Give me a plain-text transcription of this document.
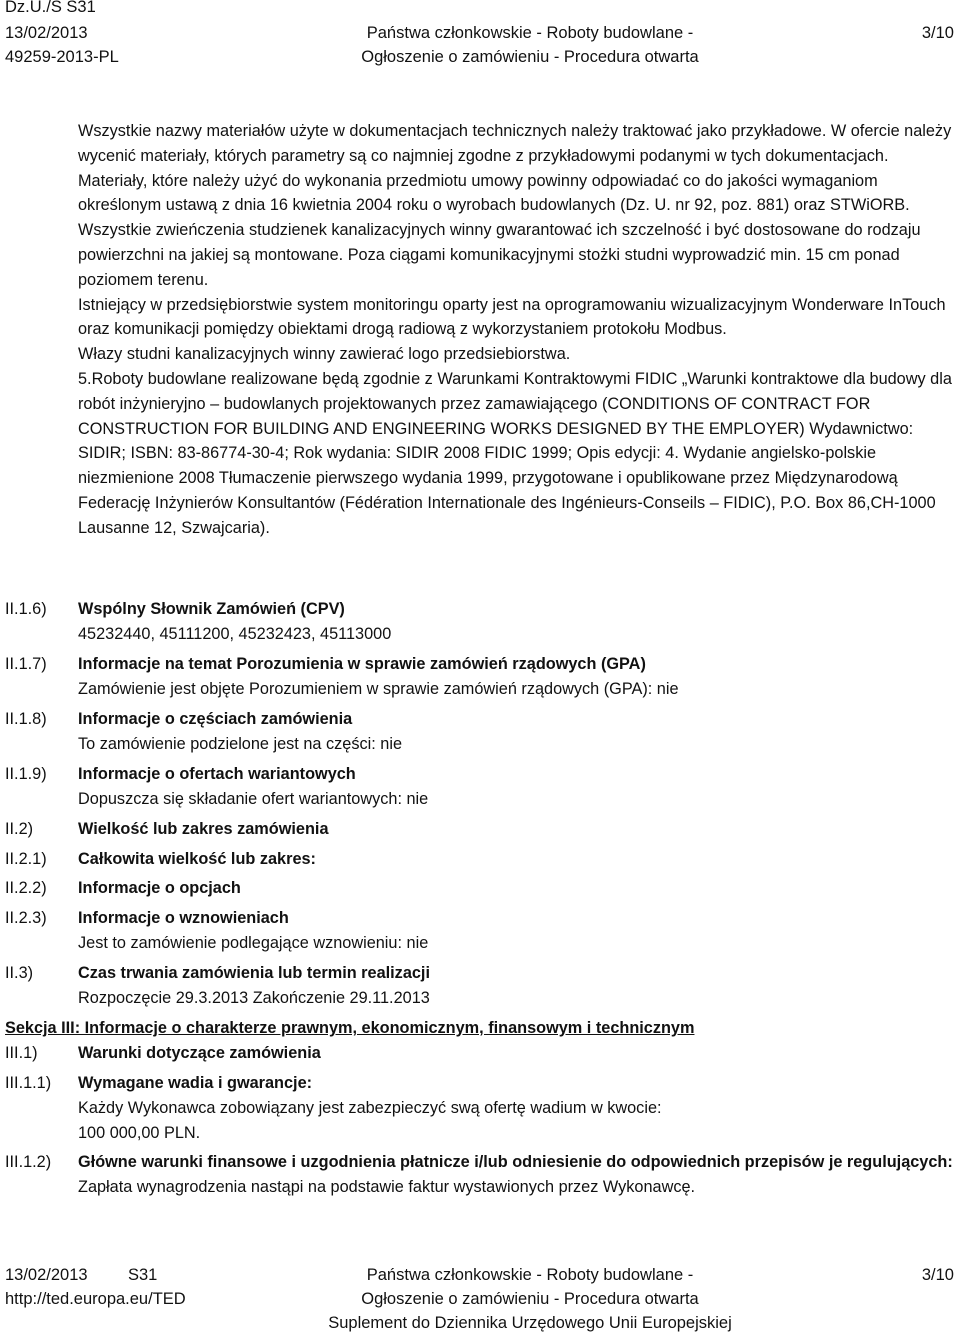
Dz.U./S S31
13/02/2013
49259-2013-PL
Państwa członkowskie - Roboty budowlane -
Ogłoszenie o zamówieniu - Procedura otwarta
3/10

Wszystkie nazwy materiałów użyte w dokumentacjach technicznych należy traktować jako przykładowe. W ofercie należy wycenić materiały, których parametry są co najmniej zgodne z przykładowymi podanymi w tych dokumentacjach.

Materiały, które należy użyć do wykonania przedmiotu umowy powinny odpowiadać co do jakości wymaganiom określonym ustawą z dnia 16 kwietnia 2004 roku o wyrobach budowlanych (Dz. U. nr 92, poz. 881) oraz STWiORB.

Wszystkie zwieńczenia studzienek kanalizacyjnych winny gwarantować ich szczelność i być dostosowane do rodzaju powierzchni na jakiej są montowane. Poza ciągami komunikacyjnymi stożki studni wyprowadzić min. 15 cm ponad poziomem terenu.

Istniejący w przedsiębiorstwie system monitoringu oparty jest na oprogramowaniu wizualizacyjnym Wonderware InTouch oraz komunikacji pomiędzy obiektami drogą radiową z wykorzystaniem protokołu Modbus.

Włazy studni kanalizacyjnych winny zawierać logo przedsiebiorstwa.

5.Roboty budowlane realizowane będą zgodnie z Warunkami Kontraktowymi FIDIC „Warunki kontraktowe dla budowy dla robót inżynieryjno – budowlanych projektowanych przez zamawiającego (CONDITIONS OF CONTRACT FOR CONSTRUCTION FOR BUILDING AND ENGINEERING WORKS DESIGNED BY THE EMPLOYER) Wydawnictwo: SIDIR; ISBN: 83-86774-30-4; Rok wydania: SIDIR 2008 FIDIC 1999; Opis edycji: 4. Wydanie angielsko-polskie niezmienione 2008 Tłumaczenie pierwszego wydania 1999, przygotowane i opublikowane przez Międzynarodową Federację Inżynierów Konsultantów (Fédération Internationale des Ingénieurs-Conseils – FIDIC), P.O. Box 86,CH-1000 Lausanne 12, Szwajcaria).

II.1.6)	Wspólny Słownik Zamówień (CPV)
45232440, 45111200, 45232423, 45113000
II.1.7)	Informacje na temat Porozumienia w sprawie zamówień rządowych (GPA)
Zamówienie jest objęte Porozumieniem w sprawie zamówień rządowych (GPA): nie
II.1.8)	Informacje o częściach zamówienia
To zamówienie podzielone jest na części: nie
II.1.9)	Informacje o ofertach wariantowych
Dopuszcza się składanie ofert wariantowych: nie
II.2)	Wielkość lub zakres zamówienia
II.2.1)	Całkowita wielkość lub zakres:
II.2.2)	Informacje o opcjach
II.2.3)	Informacje o wznowieniach
Jest to zamówienie podlegające wznowieniu: nie
II.3)	Czas trwania zamówienia lub termin realizacji
Rozpoczęcie 29.3.2013 Zakończenie 29.11.2013
Sekcja III: Informacje o charakterze prawnym, ekonomicznym, finansowym i technicznym
III.1)	Warunki dotyczące zamówienia
III.1.1)	Wymagane wadia i gwarancje:
Każdy Wykonawca zobowiązany jest zabezpieczyć swą ofertę wadium w kwocie:
100 000,00 PLN.
III.1.2)	Główne warunki finansowe i uzgodnienia płatnicze i/lub odniesienie do odpowiednich przepisów je regulujących:
Zapłata wynagrodzenia nastąpi na podstawie faktur wystawionych przez Wykonawcę.
13/02/2013 S31
http://ted.europa.eu/TED
Państwa członkowskie - Roboty budowlane -
Ogłoszenie o zamówieniu - Procedura otwarta
Suplement do Dziennika Urzędowego Unii Europejskiej
3/10
